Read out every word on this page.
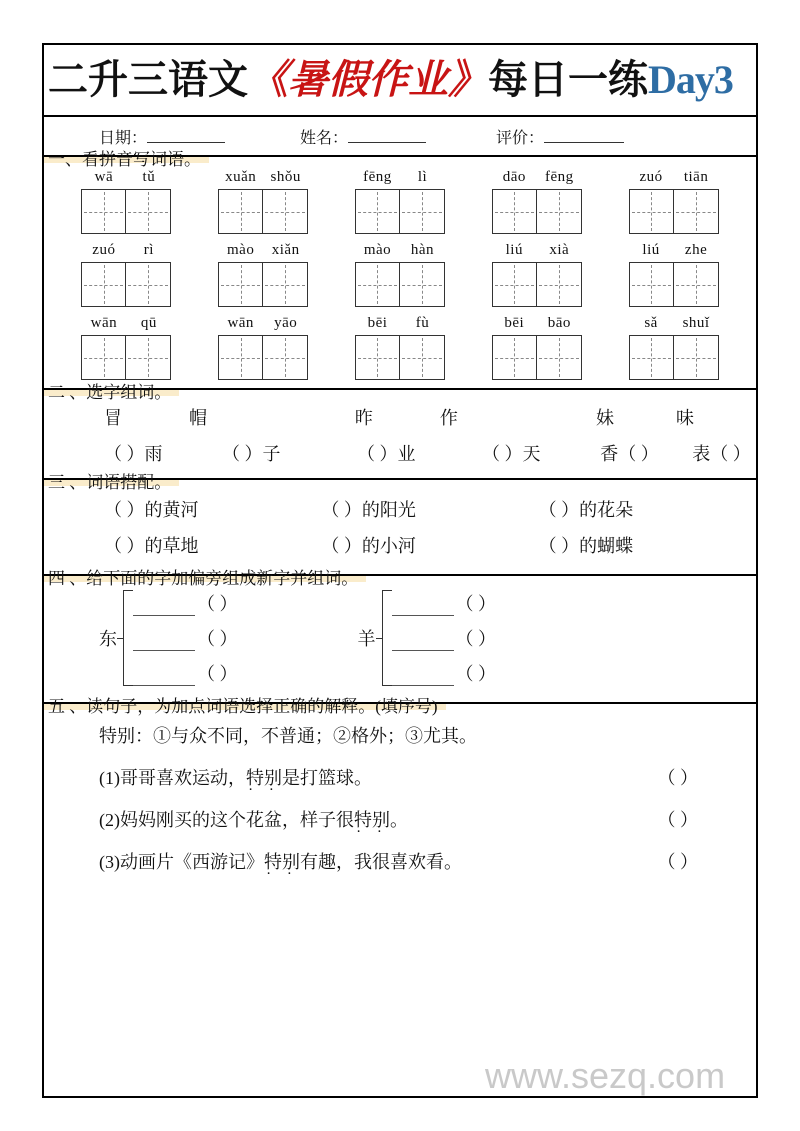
二升三语文《暑假作业》每日一练Day3
日期：	姓名：	评价：
一、看拼音写词语。
wā tǔ	xuǎn shǒu	fēng lì	dāo fēng	zuó tiān
zuó rì	mào xiǎn	mào hàn	liú xià	liú zhe
wān qū	wān yāo	bēi fù	bēi bāo	sǎ shuǐ
二 、选字组词。
冒	帽	昨	作	妹	味
（ ）雨	（ ）子	（ ）业	（ ）天	香（ ）	表（ ）
三 、词语搭配。
（ ）的黄河	（ ）的阳光	（ ）的花朵
（ ）的草地	（ ）的小河	（ ）的蝴蝶
四 、给下面的字加偏旁组成新字并组词。
东
（ ）
（ ）
（ ）
羊
（ ）
（ ）
（ ）
五 、读句子，为加点词语选择正确的解释。(填序号)
特别：①与众不同，不普通；②格外；③尤其。
(1)哥哥喜欢运动，特别 · ·是打篮球。	（ ）
(2)妈妈刚买的这个花盆，样子很特别 · ·。	（ ）
(3)动画片《西游记》特别 · ·有趣，我很喜欢看。	（ ）
www.sezq.com
